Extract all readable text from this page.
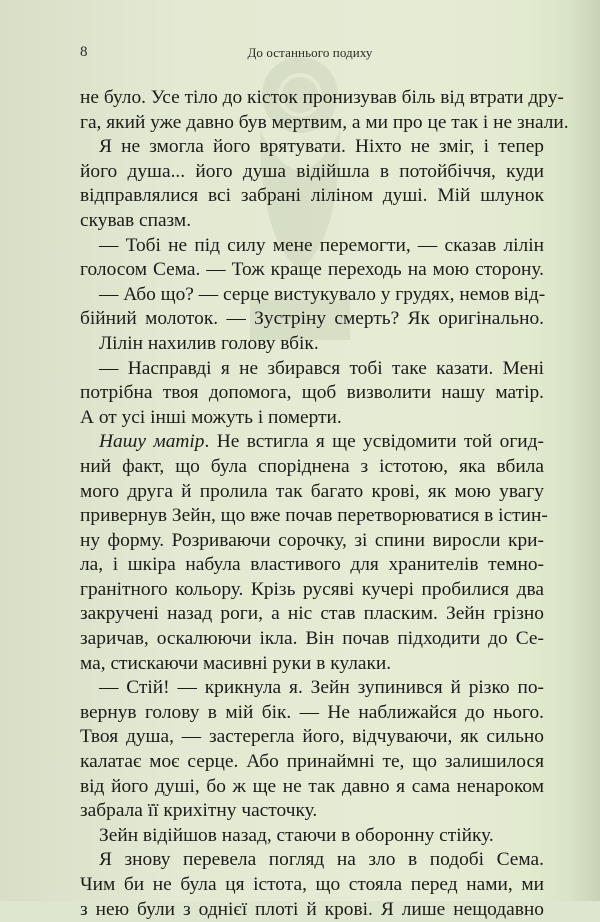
8	До останнього подиху
не було. Усе тіло до кісток пронизував біль від втрати дру-
га, який уже давно був мертвим, а ми про це так і не знали.
Я не змогла його врятувати. Ніхто не зміг, і тепер
його душа... його душа відійшла в потойбіччя, куди
відправлялися всі забрані ліліном душі. Мій шлунок
скував спазм.
— Тобі не під силу мене перемогти, — сказав лілін
голосом Сема. — Тож краще переходь на мою сторону.
— Або що? — серце вистукувало у грудях, немов від-
бійний молоток. — Зустріну смерть? Як оригінально.
Лілін нахилив голову вбік.
— Насправді я не збирався тобі таке казати. Мені
потрібна твоя допомога, щоб визволити нашу матір.
А от усі інші можуть і померти.
Нашу матір. Не встигла я ще усвідомити той огид-
ний факт, що була споріднена з істотою, яка вбила
мого друга й пролила так багато крові, як мою увагу
привернув Зейн, що вже почав перетворюватися в істин-
ну форму. Розриваючи сорочку, зі спини виросли кри-
ла, і шкіра набула властивого для хранителів темно-
гранітного кольору. Крізь русяві кучері пробилися два
закручені назад роги, а ніс став пласким. Зейн грізно
заричав, оскалюючи ікла. Він почав підходити до Се-
ма, стискаючи масивні руки в кулаки.
— Стій! — крикнула я. Зейн зупинився й різко по-
вернув голову в мій бік. — Не наближайся до нього.
Твоя душа, — застерегла його, відчуваючи, як сильно
калатає моє серце. Або принаймні те, що залишилося
від його душі, бо ж ще не так давно я сама ненароком
забрала її крихітну часточку.
Зейн відійшов назад, стаючи в оборонну стійку.
Я знову перевела погляд на зло в подобі Сема.
Чим би не була ця істота, що стояла перед нами, ми
з нею були з однієї плоті й крові. Я лише нещодавно
